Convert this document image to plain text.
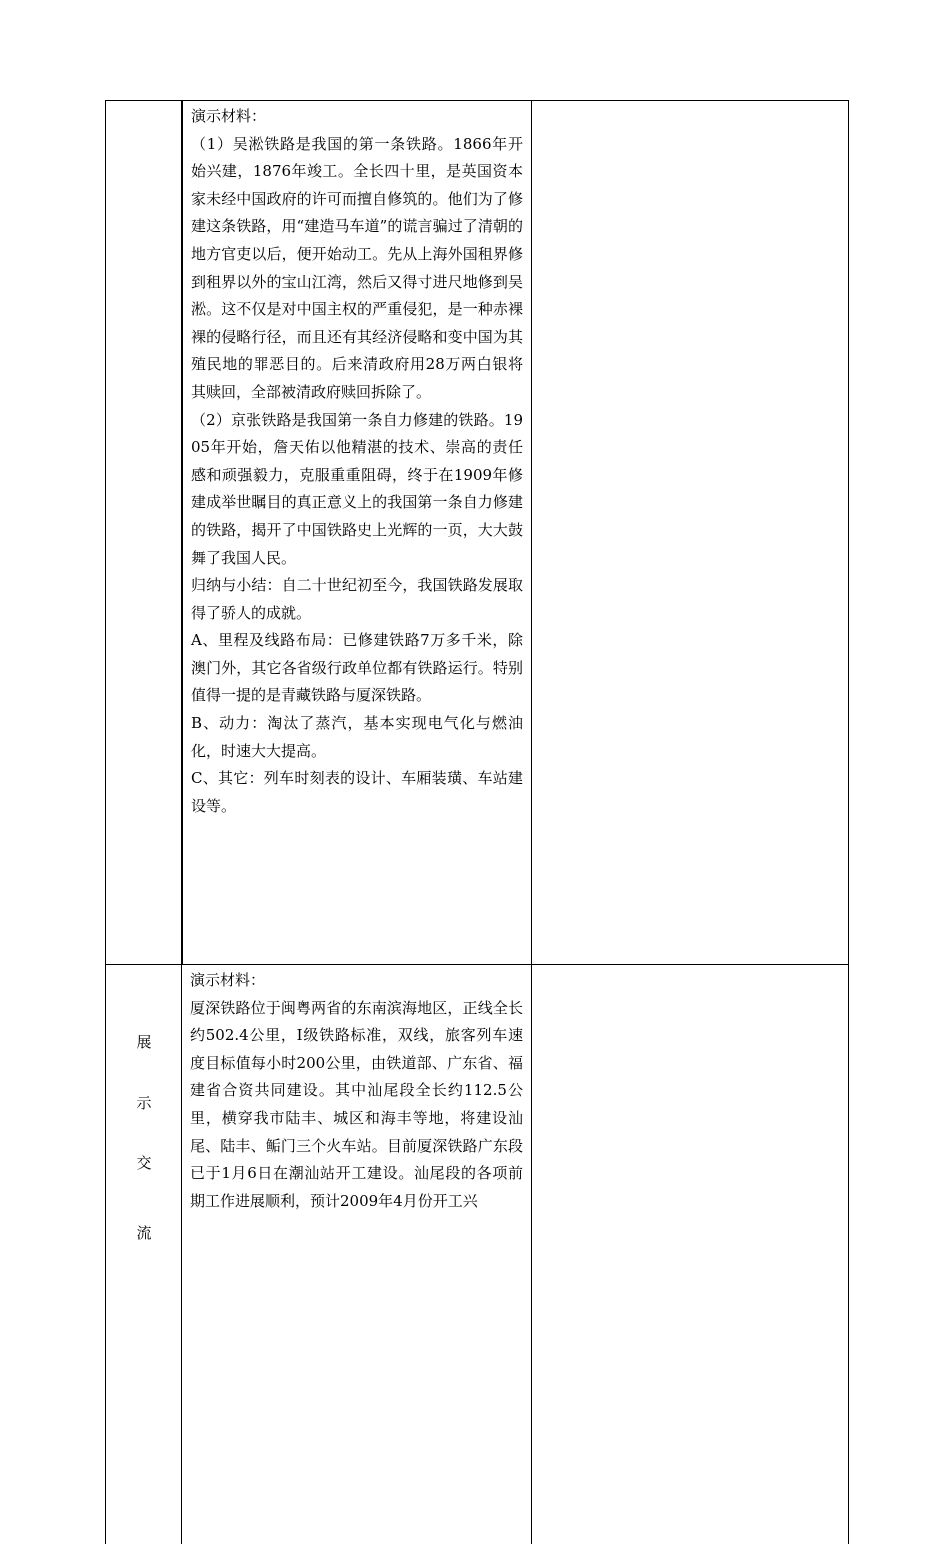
演示材料：

（1）吴淞铁路是我国的第一条铁路。1866年开始兴建，1876年竣工。全长四十里，是英国资本家未经中国政府的许可而擅自修筑的。他们为了修建这条铁路，用“建造马车道”的谎言骗过了清朝的地方官吏以后，便开始动工。先从上海外国租界修到租界以外的宝山江湾，然后又得寸进尺地修到吴淞。这不仅是对中国主权的严重侵犯，是一种赤裸裸的侵略行径，而且还有其经济侵略和变中国为其殖民地的罪恶目的。后来清政府用28万两白银将其赎回，全部被清政府赎回拆除了。

（2）京张铁路是我国第一条自力修建的铁路。1905年开始，詹天佑以他精湛的技术、崇高的责任感和顽强毅力，克服重重阻碍，终于在1909年修建成举世瞩目的真正意义上的我国第一条自力修建的铁路，揭开了中国铁路史上光辉的一页，大大鼓舞了我国人民。

归纳与小结：自二十世纪初至今，我国铁路发展取得了骄人的成就。

A、里程及线路布局：已修建铁路7万多千米，除澳门外，其它各省级行政单位都有铁路运行。特别值得一提的是青藏铁路与厦深铁路。

B、动力：淘汰了蒸汽，基本实现电气化与燃油化，时速大大提高。

C、其它：列车时刻表的设计、车厢装璜、车站建设等。

展
示
交
流

演示材料：

厦深铁路位于闽粤两省的东南滨海地区，正线全长约502.4公里，Ⅰ级铁路标准，双线，旅客列车速度目标值每小时200公里，由铁道部、广东省、福建省合资共同建设。其中汕尾段全长约112.5公里，横穿我市陆丰、城区和海丰等地，将建设汕尾、陆丰、鲘门三个火车站。目前厦深铁路广东段已于1月6日在潮汕站开工建设。汕尾段的各项前期工作进展顺利，预计2009年4月份开工兴
